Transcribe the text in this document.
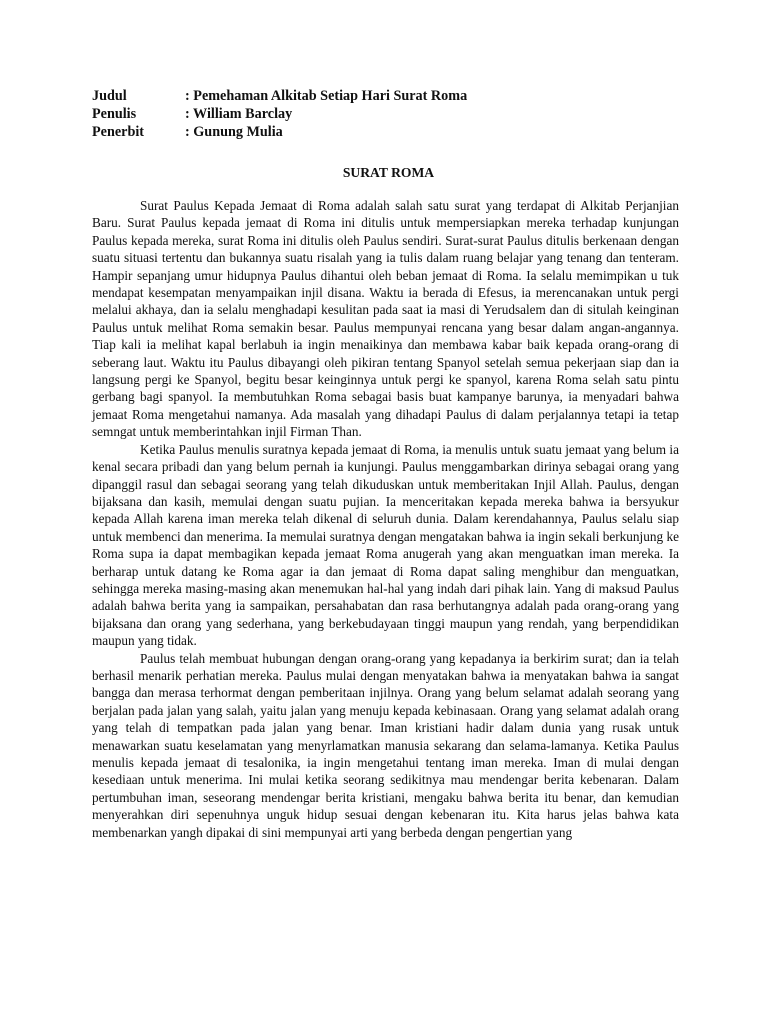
Judul	: Pemehaman Alkitab Setiap Hari Surat Roma
Penulis	: William Barclay
Penerbit	: Gunung Mulia
SURAT ROMA

Surat Paulus Kepada Jemaat di Roma adalah salah satu surat yang terdapat di Alkitab Perjanjian Baru. Surat Paulus kepada jemaat di Roma ini ditulis untuk mempersiapkan mereka terhadap kunjungan Paulus kepada mereka, surat Roma ini ditulis oleh Paulus sendiri. Surat-surat Paulus ditulis berkenaan dengan suatu situasi tertentu dan bukannya suatu risalah yang ia tulis dalam ruang belajar yang tenang dan tenteram. Hampir sepanjang umur hidupnya Paulus dihantui oleh beban jemaat di Roma. Ia selalu memimpikan u tuk mendapat kesempatan menyampaikan injil disana. Waktu ia berada di Efesus, ia merencanakan untuk pergi melalui akhaya, dan ia selalu menghadapi kesulitan pada saat ia masi di Yerudsalem dan di situlah keinginan Paulus untuk melihat Roma semakin besar. Paulus mempunyai rencana yang besar dalam angan-angannya. Tiap kali ia melihat kapal berlabuh ia ingin menaikinya dan membawa kabar baik kepada orang-orang di seberang laut. Waktu itu Paulus dibayangi oleh pikiran tentang Spanyol setelah semua pekerjaan siap dan ia langsung pergi ke Spanyol, begitu besar keinginnya untuk pergi ke spanyol, karena Roma selah satu pintu gerbang bagi spanyol. Ia membutuhkan Roma sebagai basis buat kampanye barunya, ia menyadari bahwa jemaat Roma mengetahui namanya. Ada masalah yang dihadapi Paulus di dalam perjalannya tetapi ia tetap semngat untuk memberintahkan injil Firman Than.

Ketika Paulus menulis suratnya kepada jemaat di Roma, ia menulis untuk suatu jemaat yang belum ia kenal secara pribadi dan yang belum pernah ia kunjungi. Paulus menggambarkan dirinya sebagai orang yang dipanggil rasul dan sebagai seorang yang telah dikuduskan untuk memberitakan Injil Allah. Paulus, dengan bijaksana dan kasih, memulai dengan suatu pujian. Ia menceritakan kepada mereka bahwa ia bersyukur kepada Allah karena iman mereka telah dikenal di seluruh dunia. Dalam kerendahannya, Paulus selalu siap untuk membenci dan menerima. Ia memulai suratnya dengan mengatakan bahwa ia ingin sekali berkunjung ke Roma supa ia dapat membagikan kepada jemaat Roma anugerah yang akan menguatkan iman mereka. Ia berharap untuk datang ke Roma agar ia dan jemaat di Roma dapat saling menghibur dan menguatkan, sehingga mereka masing-masing akan menemukan hal-hal yang indah dari pihak lain. Yang di maksud Paulus adalah bahwa berita yang ia sampaikan, persahabatan dan rasa berhutangnya adalah pada orang-orang yang bijaksana dan orang yang sederhana, yang berkebudayaan tinggi maupun yang rendah, yang berpendidikan maupun yang tidak.

Paulus telah membuat hubungan dengan orang-orang yang kepadanya ia berkirim surat; dan ia telah berhasil menarik perhatian mereka. Paulus mulai dengan menyatakan bahwa ia menyatakan bahwa ia sangat bangga dan merasa terhormat dengan pemberitaan injilnya. Orang yang belum selamat adalah seorang yang berjalan pada jalan yang salah, yaitu jalan yang menuju kepada kebinasaan. Orang yang selamat adalah orang yang telah di tempatkan pada jalan yang benar. Iman kristiani hadir dalam dunia yang rusak untuk menawarkan suatu keselamatan yang menyrlamatkan manusia sekarang dan selama-lamanya. Ketika Paulus menulis kepada jemaat di tesalonika, ia ingin mengetahui tentang iman mereka. Iman di mulai dengan kesediaan untuk menerima. Ini mulai ketika seorang sedikitnya mau mendengar berita kebenaran. Dalam pertumbuhan iman, seseorang mendengar berita kristiani, mengaku bahwa berita itu benar, dan kemudian menyerahkan diri sepenuhnya unguk hidup sesuai dengan kebenaran itu. Kita harus jelas bahwa kata membenarkan yangh dipakai di sini mempunyai arti yang berbeda dengan pengertian yang
